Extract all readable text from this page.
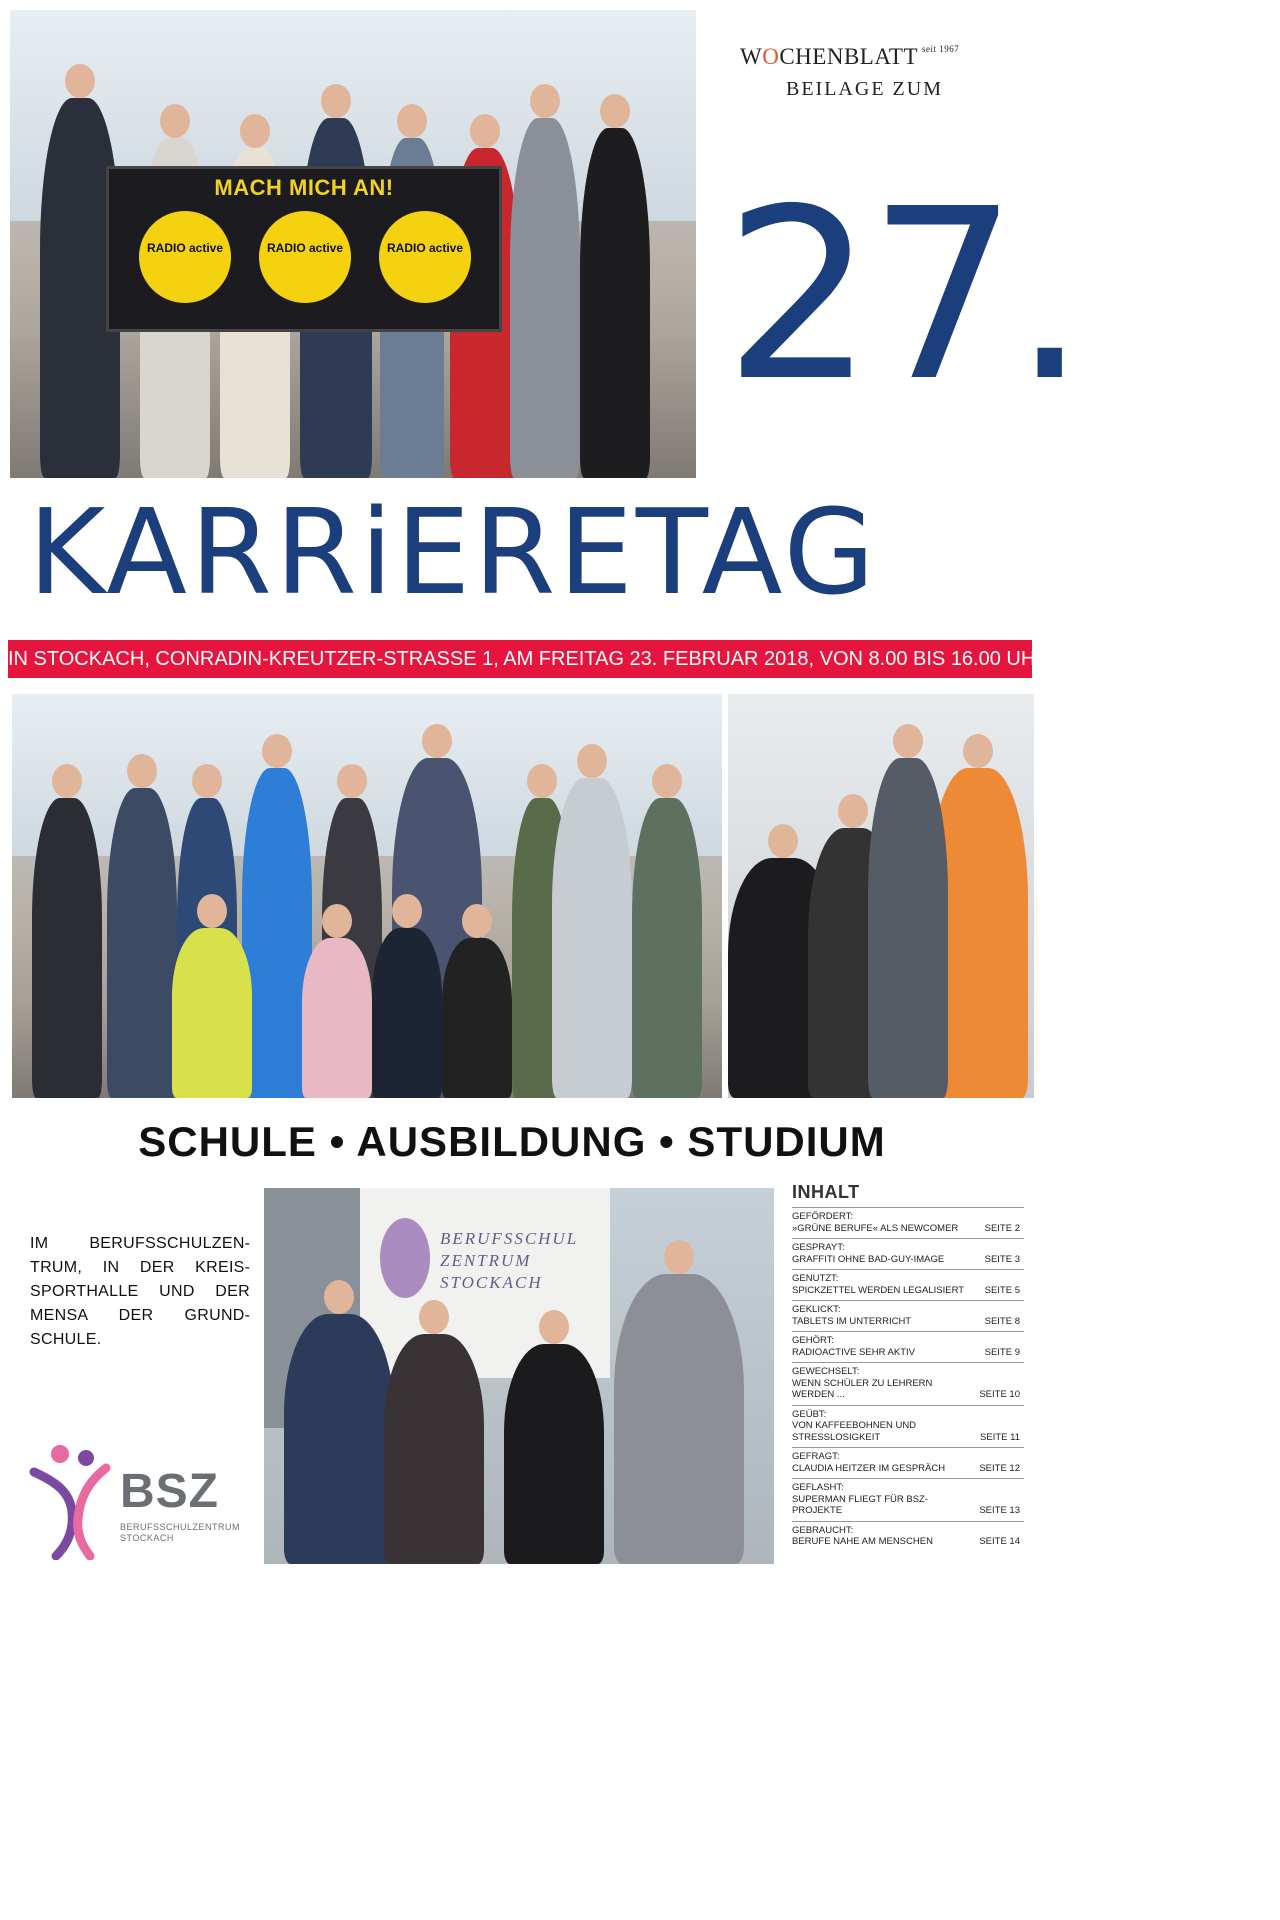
MACH MICH AN!
RADIO active	RADIO active	RADIO active
WOCHENBLATT $^{seit 1967}$
BEILAGE ZUM
27.
KARRiERETAG
IN STOCKACH, CONRADIN-KREUTZER-STRASSE 1, AM FREITAG 23. FEBRUAR 2018, VON 8.00 BIS 16.00 UHR
SCHULE • AUSBILDUNG • STUDIUM
IM BERUFSSCHULZENTRUM, IN DER KREISSPORTHALLE UND DER MENSA DER GRUNDSCHULE.
BERUFSSCHUL ZENTRUM STOCKACH
BSZ
BERUFSSCHULZENTRUM
STOCKACH
INHALT
GEFÖRDERT:
»GRÜNE BERUFE« ALS NEWCOMER	SEITE 2
GESPRAYT:
GRAFFITI OHNE BAD-GUY-IMAGE	SEITE 3
GENUTZT:
SPICKZETTEL WERDEN LEGALISIERT	SEITE 5
GEKLICKT:
TABLETS IM UNTERRICHT	SEITE 8
GEHÖRT:
RADIOACTIVE SEHR AKTIV	SEITE 9
GEWECHSELT:
WENN SCHÜLER ZU LEHRERN WERDEN ...	SEITE 10
GEÜBT:
VON KAFFEEBOHNEN UND STRESSLOSIGKEIT	SEITE 11
GEFRAGT:
CLAUDIA HEITZER IM GESPRÄCH	SEITE 12
GEFLASHT:
SUPERMAN FLIEGT FÜR BSZ-PROJEKTE	SEITE 13
GEBRAUCHT:
BERUFE NAHE AM MENSCHEN	SEITE 14
